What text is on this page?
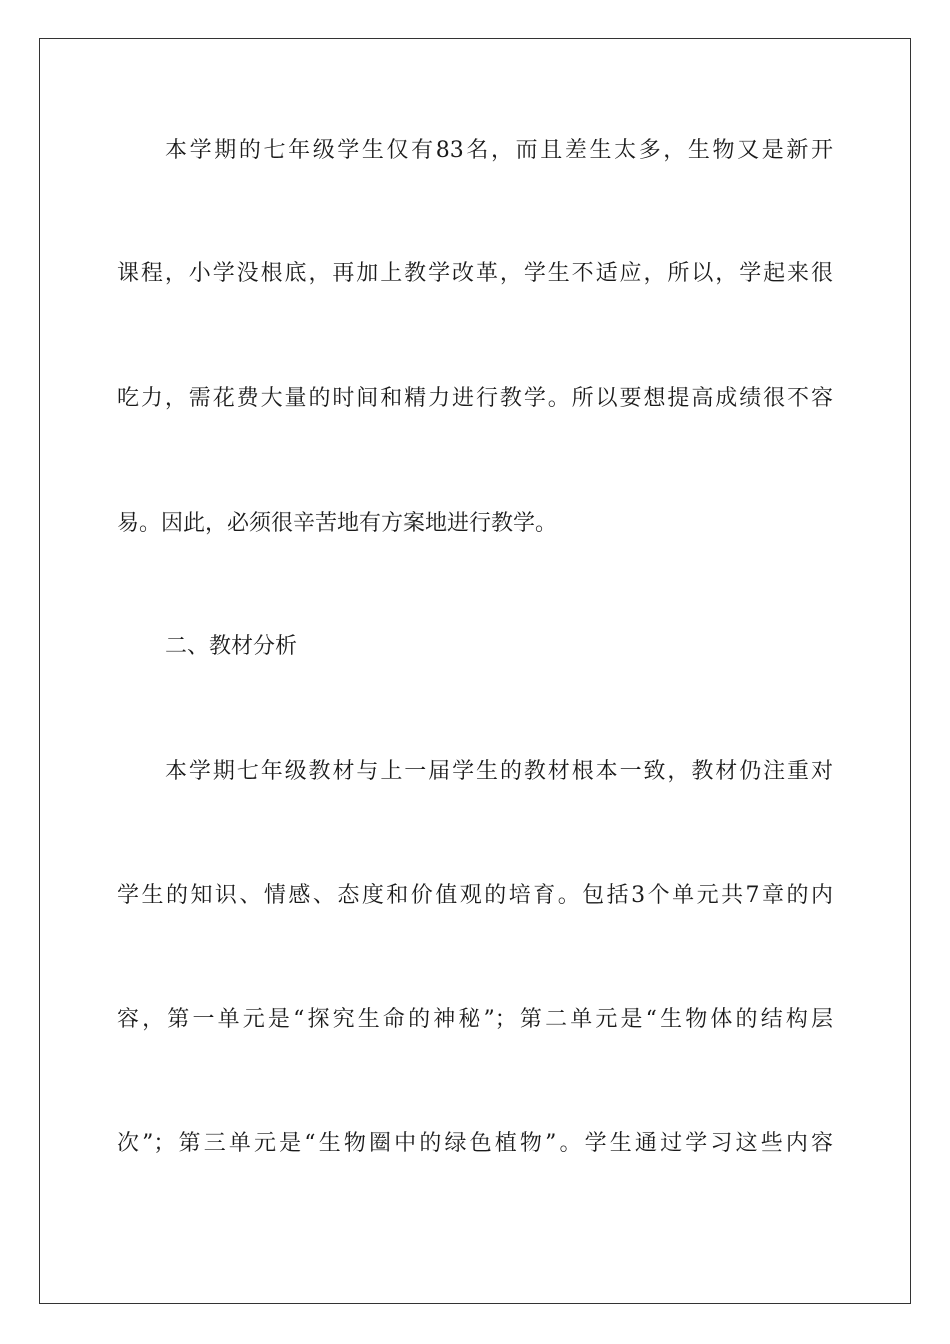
本学期的七年级学生仅有83名，而且差生太多，生物又是新开
课程，小学没根底，再加上教学改革，学生不适应，所以，学起来很
吃力，需花费大量的时间和精力进行教学。所以要想提高成绩很不容
易。因此，必须很辛苦地有方案地进行教学。
二、教材分析
本学期七年级教材与上一届学生的教材根本一致，教材仍注重对
学生的知识、情感、态度和价值观的培育。包括3个单元共7章的内
容，第一单元是“探究生命的神秘”；第二单元是“生物体的结构层
次”；第三单元是“生物圈中的绿色植物”。学生通过学习这些内容
